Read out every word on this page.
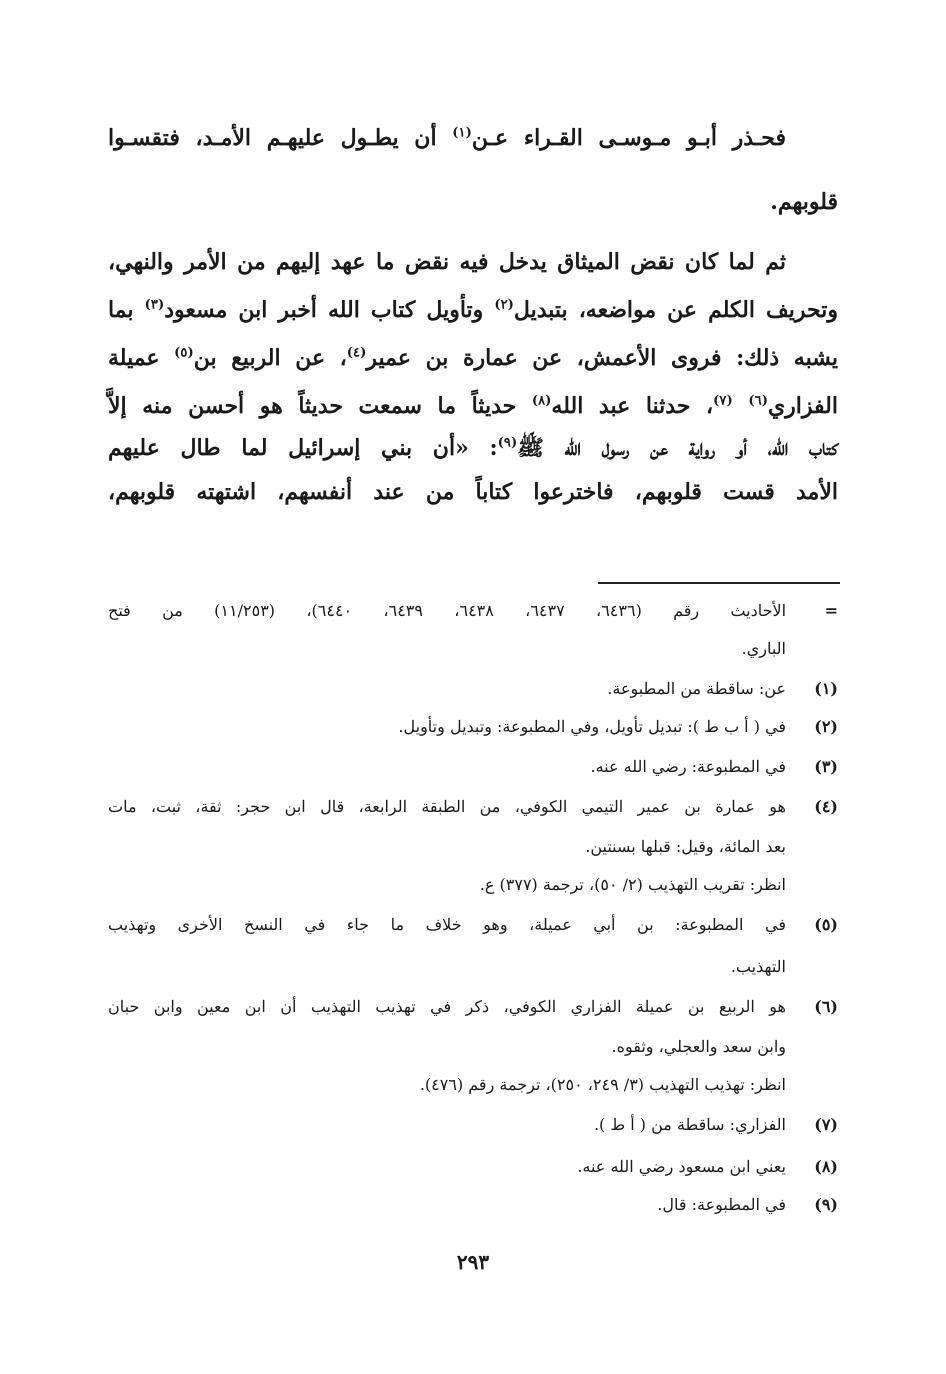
فحـذر أبـو مـوسـى القـراء عـن$^{(١)}$ أن يطـول عليهـم الأمـد، فتقسـوا
قلوبهم.
ثم لما كان نقض الميثاق يدخل فيه نقض ما عهد إليهم من الأمر والنهي،
وتحريف الكلم عن مواضعه، بتبديل$^{(٢)}$ وتأويل كتاب الله أخبر ابن مسعود$^{(٣)}$ بما
يشبه ذلك: فروى الأعمش، عن عمارة بن عمير$^{(٤)}$، عن الربيع بن$^{(٥)}$ عميلة
الفزاري$^{(٦)}$ $^{(٧)}$، حدثنا عبد الله$^{(٨)}$ حديثاً ما سمعت حديثاً هو أحسن منه إلاَّ
كتاب الله، أو رواية عن رسول الله ﷺ$^{(٩)}$: «أن بني إسرائيل لما طال عليهم
الأمد قست قلوبهم، فاخترعوا كتاباً من عند أنفسهم، اشتهته قلوبهم،
=
الأحاديث رقم (٦٤٣٦، ٦٤٣٧، ٦٤٣٨، ٦٤٣٩، ٦٤٤٠)، (١١/٢٥٣) من فتح
الباري.
(١)
عن: ساقطة من المطبوعة.
(٢)
في ( أ ب ط ): تبديل تأويل، وفي المطبوعة: وتبديل وتأويل.
(٣)
في المطبوعة: رضي الله عنه.
(٤)
هو عمارة بن عمير التيمي الكوفي، من الطبقة الرابعة، قال ابن حجر: ثقة، ثبت، مات
بعد المائة، وقيل: قبلها بسنتين.
انظر: تقريب التهذيب (٢/ ٥٠)، ترجمة (٣٧٧) ع.
(٥)
في المطبوعة: بن أبي عميلة، وهو خلاف ما جاء في النسخ الأخرى وتهذيب
التهذيب.
(٦)
هو الربيع بن عميلة الفزاري الكوفي، ذكر في تهذيب التهذيب أن ابن معين وابن حبان
وابن سعد والعجلي، وثقوه.
انظر: تهذيب التهذيب (٣/ ٢٤٩، ٢٥٠)، ترجمة رقم (٤٧٦).
(٧)
الفزاري: ساقطة من ( أ ط ).
(٨)
يعني ابن مسعود رضي الله عنه.
(٩)
في المطبوعة: قال.
٢٩٣
